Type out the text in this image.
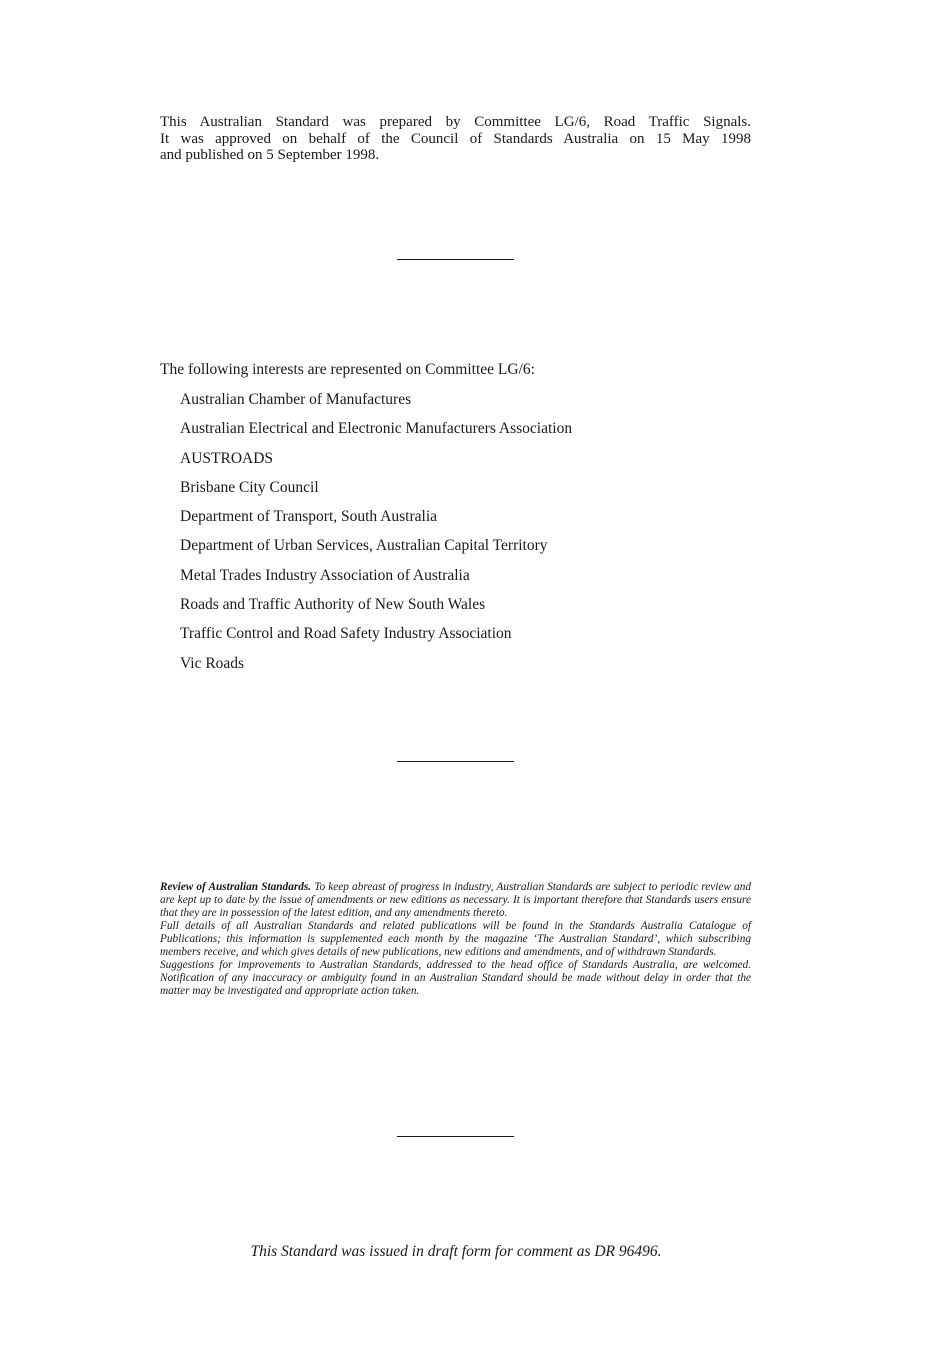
This Australian Standard was prepared by Committee LG/6, Road Traffic Signals.
It was approved on behalf of the Council of Standards Australia on 15 May 1998
and published on 5 September 1998.

The following interests are represented on Committee LG/6:

Australian Chamber of Manufactures
Australian Electrical and Electronic Manufacturers Association
AUSTROADS
Brisbane City Council
Department of Transport, South Australia
Department of Urban Services, Australian Capital Territory
Metal Trades Industry Association of Australia
Roads and Traffic Authority of New South Wales
Traffic Control and Road Safety Industry Association
Vic Roads

Review of Australian Standards. To keep abreast of progress in industry, Australian Standards are subject to periodic review and are kept up to date by the issue of amendments or new editions as necessary. It is important therefore that Standards users ensure that they are in possession of the latest edition, and any amendments thereto.

Full details of all Australian Standards and related publications will be found in the Standards Australia Catalogue of Publications; this information is supplemented each month by the magazine ‘The Australian Standard’, which subscribing members receive, and which gives details of new publications, new editions and amendments, and of withdrawn Standards.

Suggestions for improvements to Australian Standards, addressed to the head office of Standards Australia, are welcomed. Notification of any inaccuracy or ambiguity found in an Australian Standard should be made without delay in order that the matter may be investigated and appropriate action taken.

This Standard was issued in draft form for comment as DR 96496.
